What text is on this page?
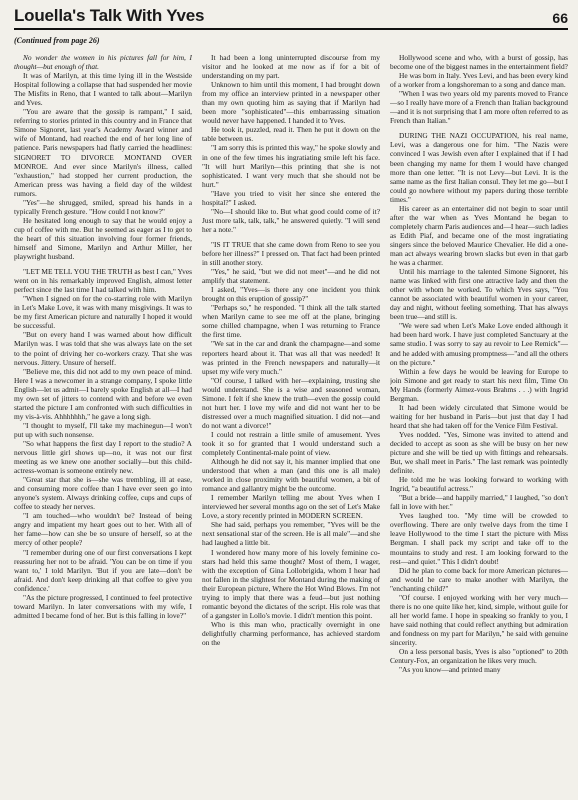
Louella's Talk With Yves	66
(Continued from page 26)

No wonder the women in his pictures fall for him, I thought—but enough of that.

It was of Marilyn, at this time lying ill in the Westside Hospital following a collapse that had suspended her movie The Misfits in Reno, that I wanted to talk about—Marilyn and Yves.

"You are aware that the gossip is rampant," I said, referring to stories printed in this country and in France that Simone Signoret, last year's Academy Award winner and wife of Montand, had reached the end of her long line of patience. Paris newspapers had flatly carried the headlines: SIGNORET TO DIVORCE MONTAND OVER MONROE. And ever since Marilyn's illness, called "exhaustion," had stopped her current production, the American press was having a field day of the wildest rumors.

"Yes"—he shrugged, smiled, spread his hands in a typically French gesture. "How could I not know?"

He hesitated long enough to say that he would enjoy a cup of coffee with me. But he seemed as eager as I to get to the heart of this situation involving four former friends, himself and Simone, Marilyn and Arthur Miller, her playwright husband.

"LET ME TELL YOU THE TRUTH as best I can," Yves went on in his remarkably improved English, almost letter perfect since the last time I had talked with him.

"When I signed on for the co-starring role with Marilyn in Let's Make Love, it was with many misgivings. It was to be my first American picture and naturally I hoped it would be successful.

"But on every hand I was warned about how difficult Marilyn was. I was told that she was always late on the set to the point of driving her co-workers crazy. That she was nervous. Jittery. Unsure of herself.

"Believe me, this did not add to my own peace of mind. Here I was a newcomer in a strange company, I spoke little English—let us admit—I barely spoke English at all—I had my own set of jitters to contend with and before we even started the picture I am confronted with such difficulties in my vis-à-vis. Ahhhhhhh," he gave a long sigh.

"I thought to myself, I'll take my machinegun—I won't put up with such nonsense.

"So what happens the first day I report to the studio? A nervous little girl shows up—no, it was not our first meeting as we knew one another socially—but this child-actress-woman is someone entirely new.

"Great star that she is—she was trembling, ill at ease, and consuming more coffee than I have ever seen go into anyone's system. Always drinking coffee, cups and cups of coffee to steady her nerves.

"I am touched—who wouldn't be? Instead of being angry and impatient my heart goes out to her. With all of her fame—how can she be so unsure of herself, so at the mercy of other people?

"I remember during one of our first conversations I kept reassuring her not to be afraid. 'You can be on time if you want to,' I told Marilyn. 'But if you are late—don't be afraid. And don't keep drinking all that coffee to give you confidence.'

"As the picture progressed, I continued to feel protective toward Marilyn. In later conversations with my wife, I admitted I became fond of her. But is this falling in love?"

It had been a long uninterrupted discourse from my visitor and he looked at me now as if for a bit of understanding on my part.

Unknown to him until this moment, I had brought down from my office an interview printed in a newspaper other than my own quoting him as saying that if Marilyn had been more "sophisticated"—this embarrassing situation would never have happened. I handed it to Yves.

He took it, puzzled, read it. Then he put it down on the table between us.

"I am sorry this is printed this way," he spoke slowly and in one of the few times his ingratiating smile left his face. "It will hurt Marilyn—this printing that she is not sophisticated. I want very much that she should not be hurt."

"Have you tried to visit her since she entered the hospital?" I asked.

"No—I should like to. But what good could come of it? Just more talk, talk, talk," he answered quietly. "I will send her a note."

"IS IT TRUE that she came down from Reno to see you before her illness?" I pressed on. That fact had been printed in still another story.

"Yes," he said, "but we did not meet"—and he did not amplify that statement.

I asked, "Yves—is there any one incident you think brought on this eruption of gossip?"

"Perhaps so," he responded. "I think all the talk started when Marilyn came to see me off at the plane, bringing some chilled champagne, when I was returning to France the first time.

"We sat in the car and drank the champagne—and some reporters heard about it. That was all that was needed! It was printed in the French newspapers and naturally—it upset my wife very much."

"Of course, I talked with her—explaining, trusting she would understand. She is a wise and seasoned woman, Simone. I felt if she knew the truth—even the gossip could not hurt her. I love my wife and did not want her to be distressed over a much magnified situation. I did not—and do not want a divorce!"

I could not restrain a little smile of amusement. Yves took it so for granted that I would understand such a completely Continental-male point of view.

Although he did not say it, his manner implied that one understood that when a man (and this one is all male) worked in close proximity with beautiful women, a bit of romance and gallantry might be the outcome.

I remember Marilyn telling me about Yves when I interviewed her several months ago on the set of Let's Make Love, a story recently printed in MODERN SCREEN.

She had said, perhaps you remember, "Yves will be the next sensational star of the screen. He is all male"—and she had laughed a little bit.

I wondered how many more of his lovely feminine co-stars had held this same thought? Most of them, I wager, with the exception of Gina Lollobrigida, whom I hear had not fallen in the slightest for Montand during the making of their European picture, Where the Hot Wind Blows. I'm not trying to imply that there was a feud—but just nothing romantic beyond the dictates of the script. His role was that of a gangster in Lollo's movie. I didn't mention this point.

Who is this man who, practically overnight in one delightfully charming performance, has achieved stardom on the

Hollywood scene and who, with a burst of gossip, has become one of the biggest names in the entertainment field?

He was born in Italy. Yves Levi, and has been every kind of a worker from a longshoreman to a song and dance man.

"When I was two years old my parents moved to France—so I really have more of a French than Italian background—and it is not surprising that I am more often referred to as French than Italian."

DURING THE NAZI OCCUPATION, his real name, Levi, was a dangerous one for him. "The Nazis were convinced I was Jewish even after I explained that if I had been changing my name for them I would have changed more than one letter. "It is not Levy—but Levi. It is the same name as the first Italian consul. They let me go—but I could go nowhere without my papers during those terrible times."

His career as an entertainer did not begin to soar until after the war when as Yves Montand he began to completely charm Paris audiences and—I hear—such ladies as Edith Piaf, and became one of the most ingratiating singers since the beloved Maurice Chevalier. He did a one-man act always wearing brown slacks but even in that garb he was a charmer.

Until his marriage to the talented Simone Signoret, his name was linked with first one attractive lady and then the other with whom he worked. To which Yves says, "You cannot be associated with beautiful women in your career, day and night, without feeling something. That has always been true—and still is.

"We were sad when Let's Make Love ended although it had been hard work. I have just completed Sanctuary at the same studio. I was sorry to say au revoir to Lee Remick"—and he added with amusing promptness—"and all the others on the picture."

Within a few days he would be leaving for Europe to join Simone and get ready to start his next film, Time On My Hands (formerly Aimez-vous Brahms . . .) with Ingrid Bergman.

It had been widely circulated that Simone would be waiting for her husband in Paris—but just that day I had heard that she had taken off for the Venice Film Festival.

Yves nodded. "Yes, Simone was invited to attend and decided to accept as soon as she will be busy on her new picture and she will be tied up with fittings and rehearsals. But, we shall meet in Paris." The last remark was pointedly definite.

He told me he was looking forward to working with Ingrid, "a beautiful actress."

"But a bride—and happily married," I laughed, "so don't fall in love with her."

Yves laughed too. "My time will be crowded to overflowing. There are only twelve days from the time I leave Hollywood to the time I start the picture with Miss Bergman. I shall pack my script and take off to the mountains to study and rest. I am looking forward to the rest—and quiet." This I didn't doubt!

Did he plan to come back for more American pictures—and would he care to make another with Marilyn, the "enchanting child?"

"Of course. I enjoyed working with her very much—there is no one quite like her, kind, simple, without guile for all her world fame. I hope in speaking so frankly to you, I have said nothing that could reflect anything but admiration and fondness on my part for Marilyn," he said with genuine sincerity.

On a less personal basis, Yves is also "optioned" to 20th Century-Fox, an organization he likes very much.

"As you know—and printed many
